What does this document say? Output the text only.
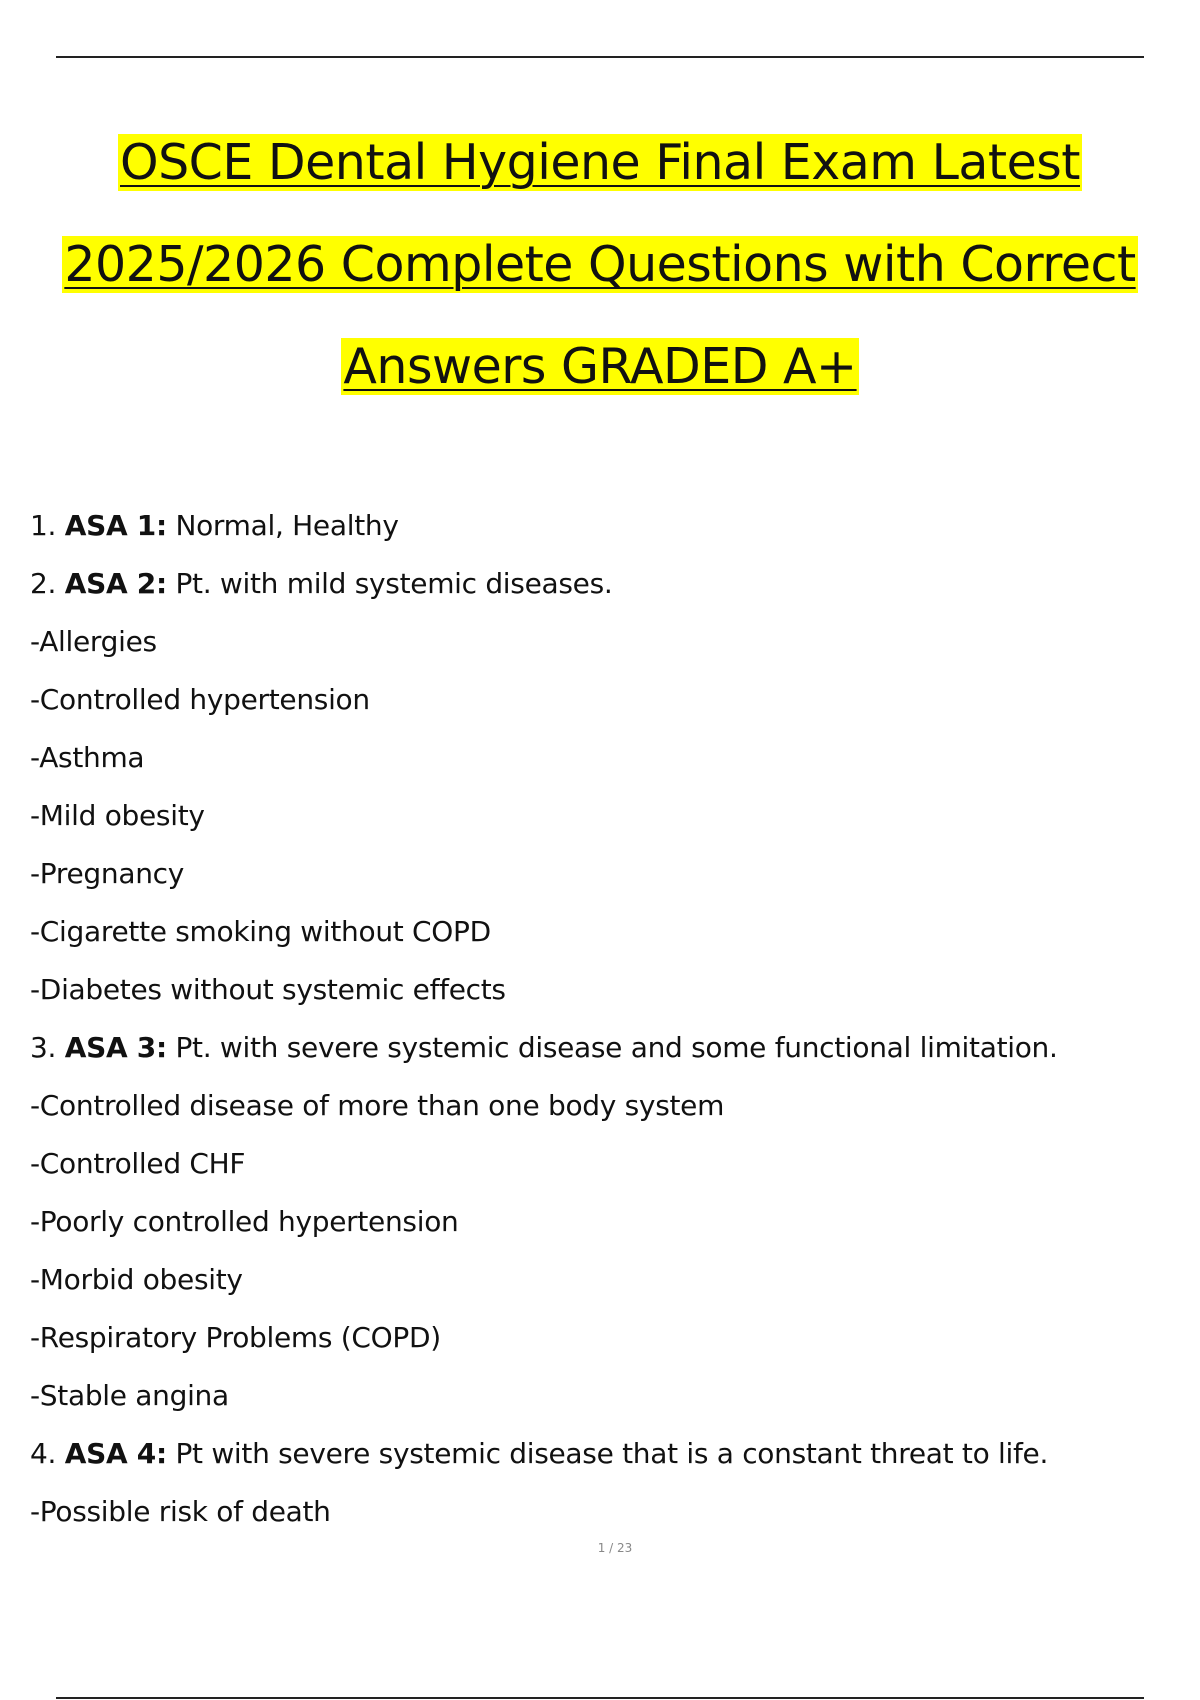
OSCE Dental Hygiene Final Exam Latest
2025/2026 Complete Questions with Correct
Answers GRADED A+
1. ASA 1: Normal, Healthy
2. ASA 2: Pt. with mild systemic diseases.
-Allergies
-Controlled hypertension
-Asthma
-Mild obesity
-Pregnancy
-Cigarette smoking without COPD
-Diabetes without systemic effects
3. ASA 3: Pt. with severe systemic disease and some functional limitation.
-Controlled disease of more than one body system
-Controlled CHF
-Poorly controlled hypertension
-Morbid obesity
-Respiratory Problems (COPD)
-Stable angina
4. ASA 4: Pt with severe systemic disease that is a constant threat to life.
-Possible risk of death
1 / 23
